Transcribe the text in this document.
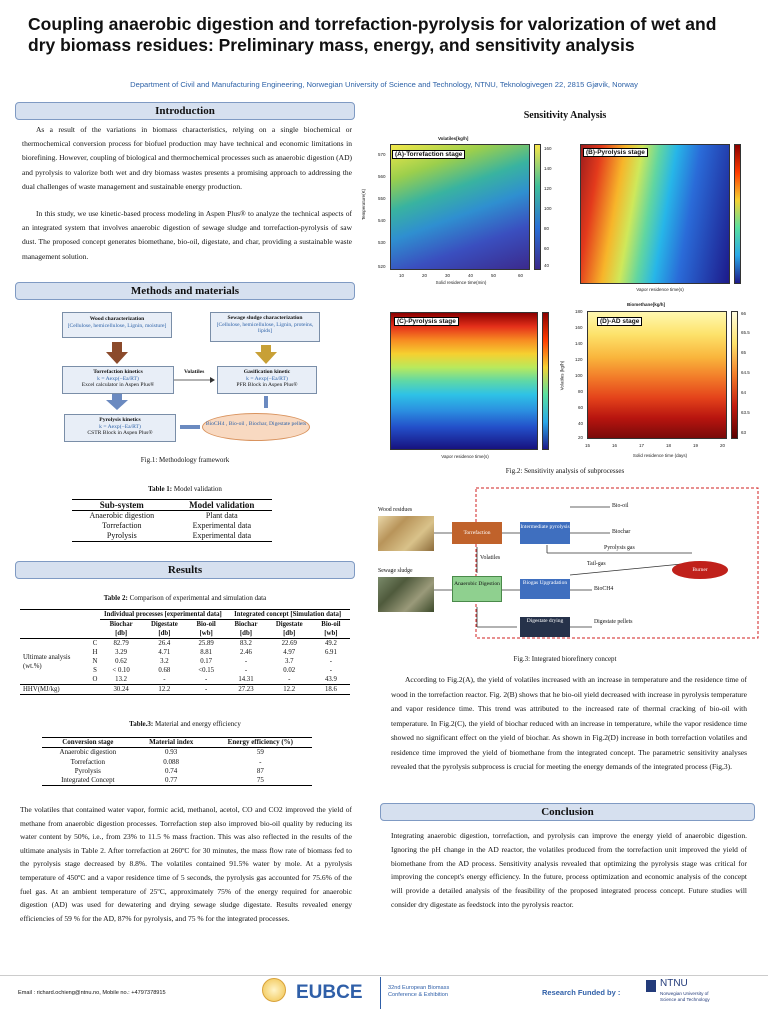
Coupling anaerobic digestion and torrefaction-pyrolysis for valorization of wet and dry biomass residues: Preliminary mass, energy, and sensitivity analysis
Department of Civil and Manufacturing Engineering, Norwegian University of Science and Technology, NTNU, Teknologivegen 22, 2815 Gjøvik, Norway
Introduction
As a result of the variations in biomass characteristics, relying on a single biochemical or thermochemical conversion process for biofuel production may have technical and economic limitations in biorefining. However, coupling of biological and thermochemical processes such as anaerobic digestion (AD) and pyrolysis to valorize both wet and dry biomass wastes presents a promising approach to addressing the dual challenges of waste management and sustainable energy production.
In this study, we use kinetic-based process modeling in Aspen Plus® to analyze the technical aspects of an integrated system that involves anaerobic digestion of sewage sludge and torrefaction-pyrolysis of saw dust. The proposed concept generates biomethane, bio-oil, digestate, and char, providing a sustainable waste management solution.
Methods and materials
Wood characterization
[Cellulose, hemicellulose, Lignin, moisture]
Sewage sludge characterization
[Cellulose, hemicellulose, Lignin, proteins, lipids]
Volatiles
Torrefaction kinetics
k = Aexp(−Ea/RT)
Excel calculator in Aspen Plus®
Gasification kinetic
k = Aexp(−Ea/RT)
PFR Block in Aspen Plus®
Pyrolysis kinetics
k = Aexp(−Ea/RT)
CSTR Block in Aspen Plus®
BioCH4 , Bio-oil , Biochar, Digestate pellets
Fig.1: Methodology framework
Table 1: Model validation
Sub-system	Model validation
Anaerobic digestion	Plant data
Torrefaction	Experimental data
Pyrolysis	Experimental data
Results
Table 2: Comparison of experimental and simulation data
		Individual processes [experimental data]			Integrated concept [Simulation data]		
		Biochar [db]	Digestate [db]	Bio-oil [wb]	Biochar [db]	Digestate [db]	Bio-oil [wb]
	C	82.79	26.4	25.89	83.2	22.69	49.2
Ultimate analysis (wt.%)	H	3.29	4.71	8.81	2.46	4.97	6.91
	N	0.62	3.2	0.17	-	3.7	-
	S	< 0.10	0.68	<0.15	-	0.02	-
	O	13.2	-	-	14.31	-	43.9
HHV(MJ/kg)		30.24	12.2	-	27.23	12.2	18.6
Table.3: Material and energy efficiency
Conversion stage	Material index	Energy efficiency (%)
Anaerobic digestion	0.93	59
Torrefaction	0.088	-
Pyrolysis	0.74	87
Integrated Concept	0.77	75
The volatiles that contained water vapor, formic acid, methanol, acetol, CO and CO2 improved the yield of methane from anaerobic digestion processes. Torrefaction step also improved bio-oil quality by reducing its water content by 50%, i.e., from 23% to 11.5 % mass fraction. This was also reflected in the results of the ultimate analysis in Table 2. After torrefaction at 260ºC for 30 minutes, the mass flow rate of biomass fed to the pyrolysis stage decreased by 8.8%. The volatiles contained 91.5% water by mole. At a pyrolysis temperature of 450ºC and a vapor residence time of 5 seconds, the pyrolysis gas accounted for 75.6% of the fuel gas. At an ambient temperature of 25ºC, approximately 75% of the energy required for anaerobic digestion (AD) was used for dewatering and drying sewage sludge digestate. Results revealed energy efficiencies of 59 % for the AD, 87% for pyrolysis, and 75 % for the integrated processes.
Sensitivity Analysis
Volatiles[kg/h]
(A)-Torrefaction stage
Solid residence time(min)
Temperature(K)
570
560
550
540
530
520
10	20	30	40	50	60
160
140
120
100
80
60
40
(B)-Pyrolysis stage
Vapor residence time(s)
(C)-Pyrolysis stage
Vapor residence time(s)
Biomethane[kg/h]
(D)-AD stage
Volatiles (kg/h)
Solid residence time (days)
180
160
140
120
100
80
60
40
20
15	16	17	18	19	20
66
65.5
65
64.5
64
63.5
63
Fig.2: Sensitivity analysis of subprocesses
Wood residues
Sewage sludge
Torrefaction
Intermediate pyrolysis
Bio-oil
Biochar
Pyrolysis gas
Volatiles
Tail-gas
Burner
Anaerobic Digestion	Biogas Upgradation
BioCH4
Digestate drying	Digestate pellets
Fig.3: Integrated biorefinery concept
According to Fig.2(A), the yield of volatiles increased with an increase in temperature and the residence time of wood in the torrefaction reactor. Fig. 2(B) shows that he bio-oil yield decreased with increase in pyrolysis temperature and vapor residence time. This trend was attributed to the increased rate of thermal cracking of bio-oil with temperature. In Fig.2(C), the yield of biochar reduced with an increase in temperature, while the vapor residence time showed no significant effect on the yield of biochar. As shown in Fig.2(D) increase in both torrefaction volatiles and residence time improved the yield of biomethane from the integrated concept. The parametric sensitivity analyses revealed that the pyrolysis subprocess is crucial for meeting the energy demands of the integrated process (Fig,3).
Conclusion
Integrating anaerobic digestion, torrefaction, and pyrolysis can improve the energy yield of anaerobic digestion. Ignoring the pH change in the AD reactor, the volatiles produced from the torrefaction unit improved the yield of biomethane from the AD process. Sensitivity analysis revealed that optimizing the pyrolysis stage was critical for improving the concept's energy efficiency. In the future, process optimization and economic analysis of the concept will provide a detailed analysis of the feasibility of the proposed integrated process concept. Future studies will consider dry digestate as feedstock into the pyrolysis reactor.
Email : richard.ochieng@ntnu.no, Mobile no.: +4797378915	EUBCE	32nd European Biomass
Conference & Exhibition	Research Funded by :
NTNU
Norwegian University of
Science and Technology
